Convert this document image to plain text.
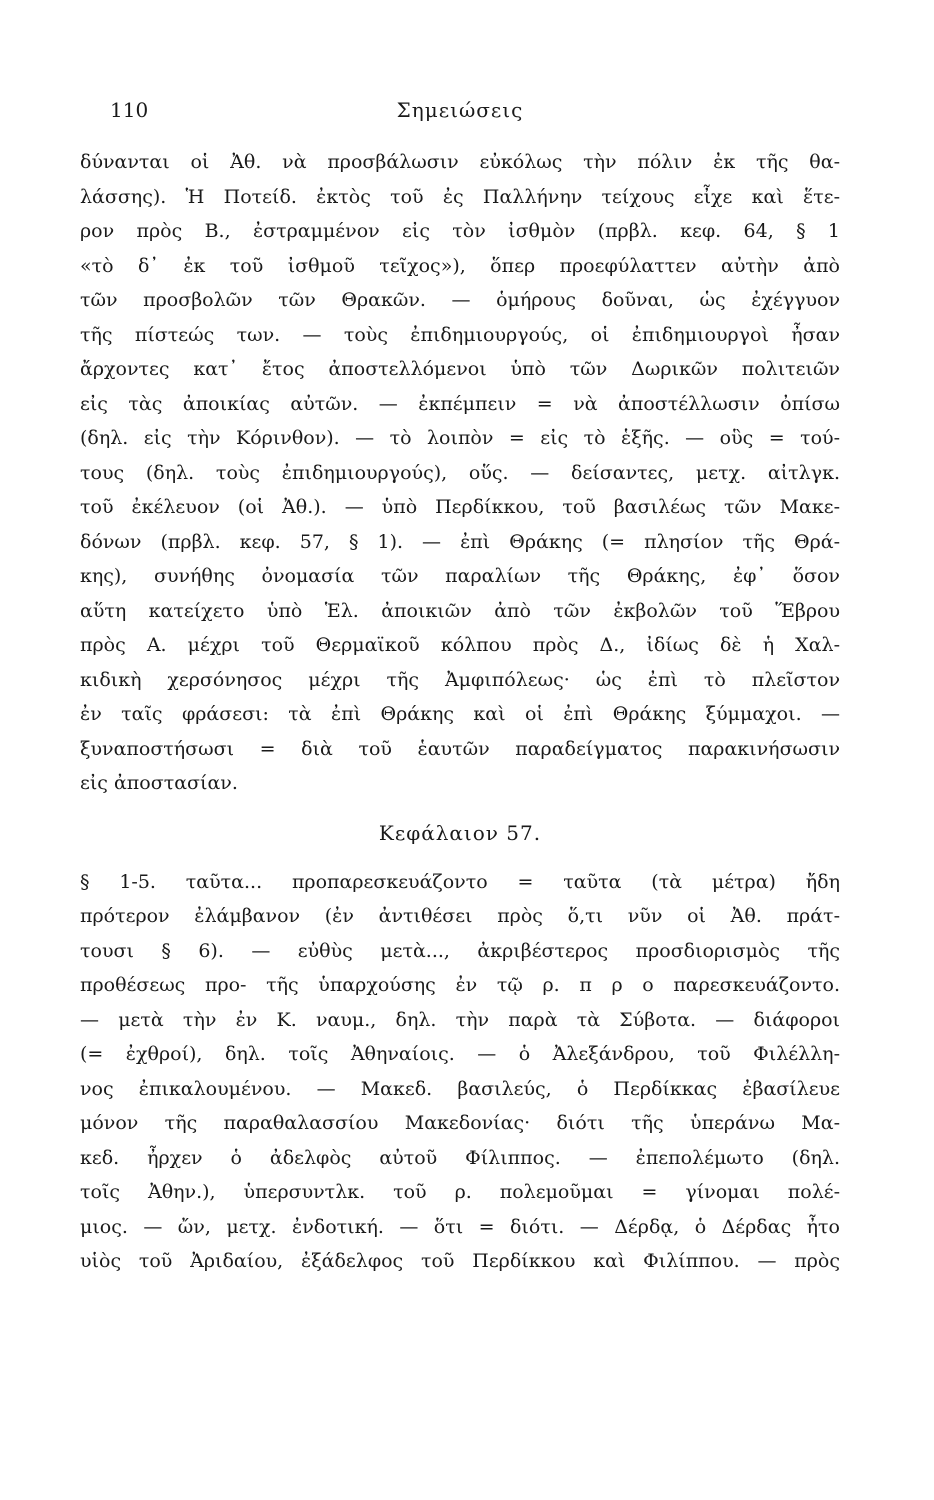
110	Σημειώσεις
δύνανται οἱ Ἀθ. νὰ προσβάλωσιν εὐκόλως τὴν πόλιν ἐκ τῆς θα-
λάσσης). Ἡ Ποτείδ. ἐκτὸς τοῦ ἐς Παλλήνην τείχους εἶχε καὶ ἕτε-
ρον πρὸς Β., ἐστραμμένον εἰς τὸν ἰσθμὸν (πρβλ. κεφ. 64, § 1
«τὸ δ᾽ ἐκ τοῦ ἰσθμοῦ τεῖχος»), ὅπερ προεφύλαττεν αὐτὴν ἀπὸ
τῶν προσβολῶν τῶν Θρακῶν. — ὁμήρους δοῦναι, ὡς ἐχέγγυον
τῆς πίστεώς των. — τοὺς ἐπιδημιουργούς, οἱ ἐπιδημιουργοὶ ἦσαν
ἄρχοντες κατ᾽ ἔτος ἀποστελλόμενοι ὑπὸ τῶν Δωρικῶν πολιτειῶν
εἰς τὰς ἀποικίας αὐτῶν. — ἐκπέμπειν = νὰ ἀποστέλλωσιν ὀπίσω
(δηλ. εἰς τὴν Κόρινθον). — τὸ λοιπὸν = εἰς τὸ ἑξῆς. — οὓς = τού-
τους (δηλ. τοὺς ἐπιδημιουργούς), οὕς. — δείσαντες, μετχ. αἰτλγκ.
τοῦ ἐκέλευον (οἱ Ἀθ.). — ὑπὸ Περδίκκου, τοῦ βασιλέως τῶν Μακε-
δόνων (πρβλ. κεφ. 57, § 1). — ἐπὶ Θράκης (= πλησίον τῆς Θρά-
κης), συνήθης ὀνομασία τῶν παραλίων τῆς Θράκης, ἐφ᾽ ὅσον
αὕτη κατείχετο ὑπὸ Ἑλ. ἀποικιῶν ἀπὸ τῶν ἐκβολῶν τοῦ Ἕβρου
πρὸς Α. μέχρι τοῦ Θερμαϊκοῦ κόλπου πρὸς Δ., ἰδίως δὲ ἡ Χαλ-
κιδικὴ χερσόνησος μέχρι τῆς Ἀμφιπόλεως· ὡς ἐπὶ τὸ πλεῖστον
ἐν ταῖς φράσεσι: τὰ ἐπὶ Θράκης καὶ οἱ ἐπὶ Θράκης ξύμμαχοι. —
ξυναποστήσωσι = διὰ τοῦ ἑαυτῶν παραδείγματος παρακινήσωσιν
εἰς ἀποστασίαν.
Κεφάλαιον 57.
§ 1-5. ταῦτα... προπαρεσκευάζοντο = ταῦτα (τὰ μέτρα) ἤδη
πρότερον ἐλάμβανον (ἐν ἀντιθέσει πρὸς ὅ,τι νῦν οἱ Ἀθ. πράτ-
τουσι § 6). — εὐθὺς μετὰ..., ἀκριβέστερος προσδιορισμὸς τῆς
προθέσεως προ- τῆς ὑπαρχούσης ἐν τῷ ρ. π ρ ο παρεσκευάζοντο.
— μετὰ τὴν ἐν Κ. ναυμ., δηλ. τὴν παρὰ τὰ Σύβοτα. — διάφοροι
(= ἐχθροί), δηλ. τοῖς Ἀθηναίοις. — ὁ Ἀλεξάνδρου, τοῦ Φιλέλλη-
νος ἐπικαλουμένου. — Μακεδ. βασιλεύς, ὁ Περδίκκας ἐβασίλευε
μόνον τῆς παραθαλασσίου Μακεδονίας· διότι τῆς ὑπεράνω Μα-
κεδ. ἦρχεν ὁ ἀδελφὸς αὐτοῦ Φίλιππος. — ἐπεπολέμωτο (δηλ.
τοῖς Ἀθην.), ὑπερσυντλκ. τοῦ ρ. πολεμοῦμαι = γίνομαι πολέ-
μιος. — ὤν, μετχ. ἐνδοτική. — ὅτι = διότι. — Δέρδᾳ, ὁ Δέρδας ἦτο
υἱὸς τοῦ Ἀριδαίου, ἐξάδελφος τοῦ Περδίκκου καὶ Φιλίππου. — πρὸς
